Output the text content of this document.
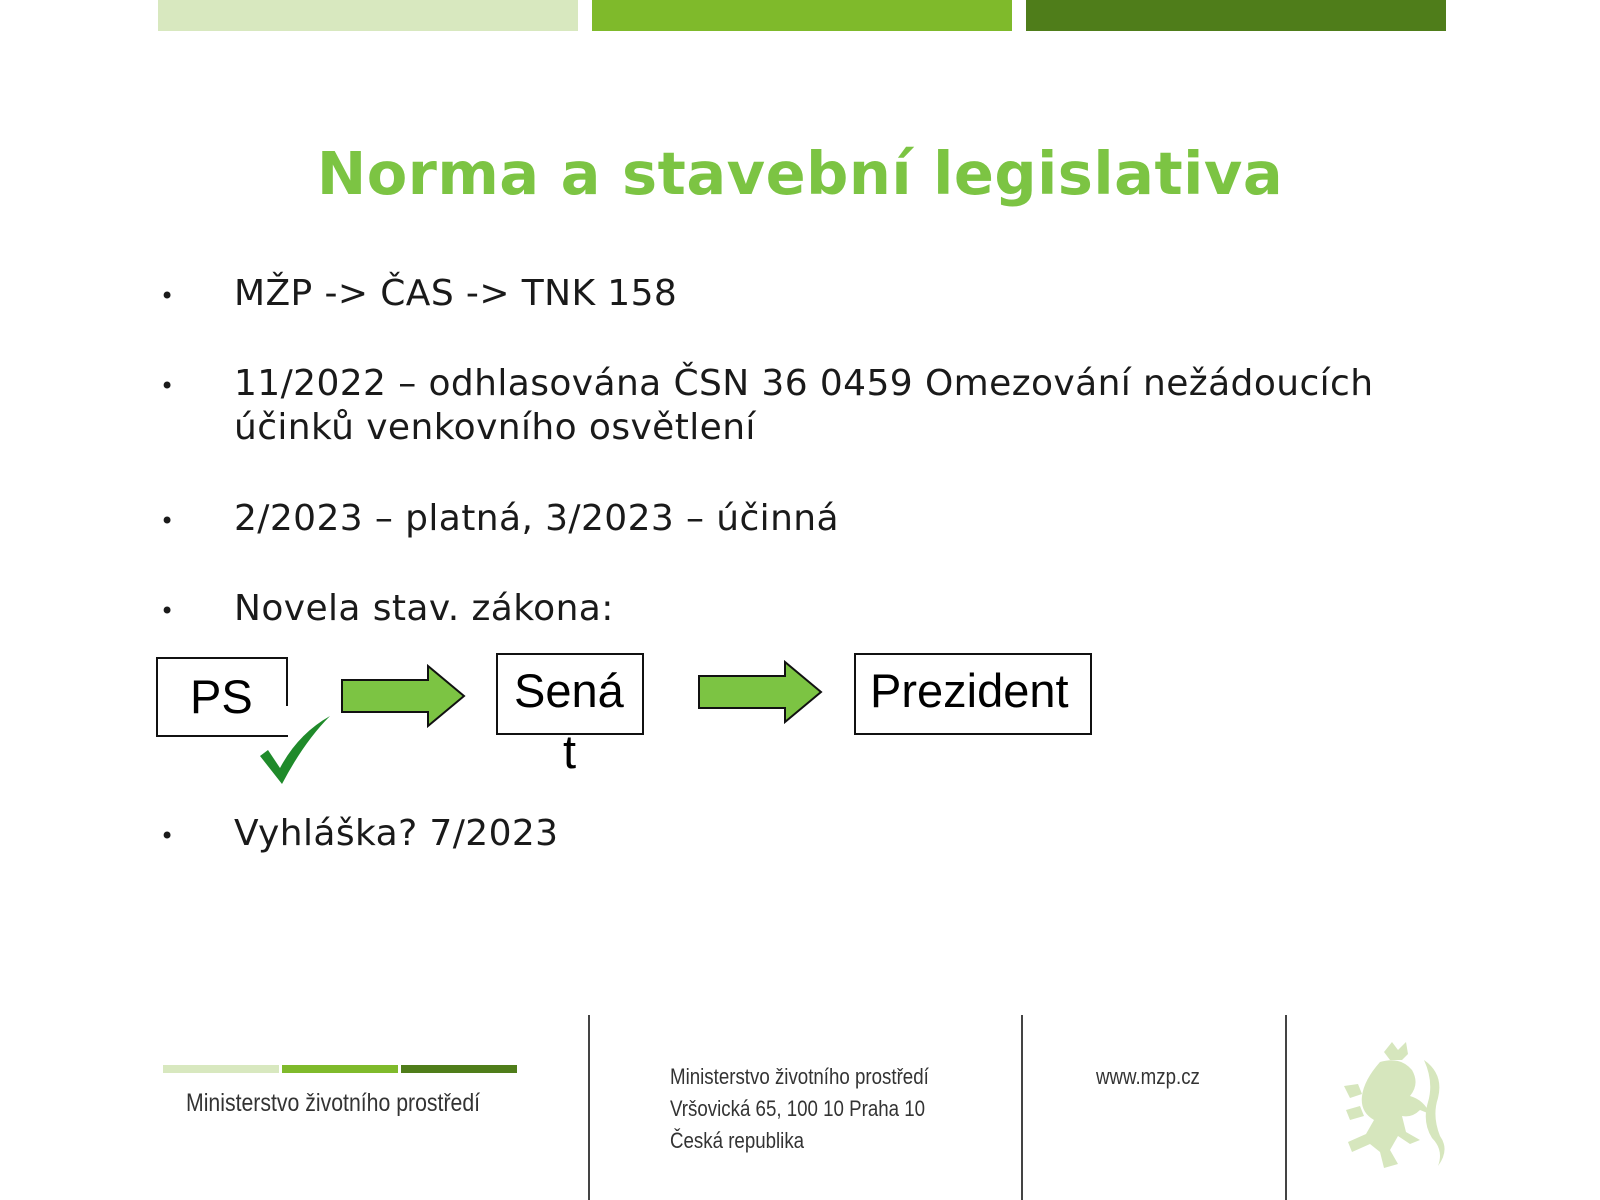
Norma a stavební legislativa
• MŽP -> ČAS -> TNK 158
• 11/2022 – odhlasována ČSN 36 0459 Omezování nežádoucích
účinků venkovního osvětlení
• 2/2023 – platná, 3/2023 – účinná
• Novela stav. zákona:
PS	Sená
t
Prezident
• Vyhláška? 7/2023
Ministerstvo životního prostředí
Ministerstvo životního prostředí
Vršovická 65, 100 10 Praha 10
Česká republika
www.mzp.cz
